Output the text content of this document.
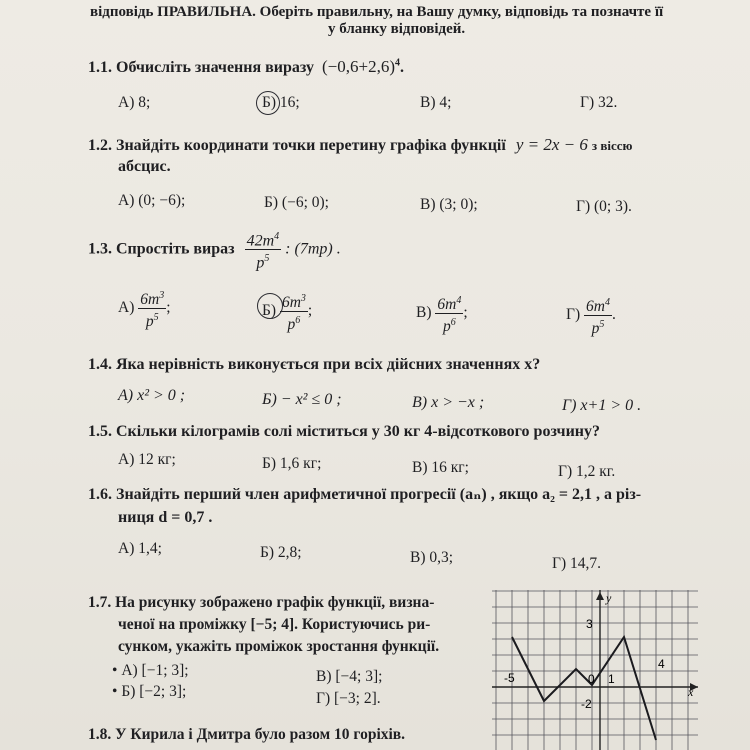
відповідь ПРАВИЛЬНА. Оберіть правильну, на Вашу думку, відповідь та позначте її
у бланку відповідей.
1.1. Обчисліть значення виразу $(-0,6+2,6)^4$.
А) 8;	Б) 16;	В) 4;	Г) 32.
1.2. Знайдіть координати точки перетину графіка функції y = 2x − 6 з віссю
абсцис.
А) (0; −6);	Б) (−6; 0);	В) (3; 0);	Г) (0; 3).
1.3. Спростіть вираз $\frac{42m^4}{p^5}$ : (7mp) .
$А) \frac{6m^3}{p^5}$ ;	$Б) \frac{6m^3}{p^6}$ ;	$В) \frac{6m^4}{p^6}$ ;	$Г) \frac{6m^4}{p^5}$ .
1.4. Яка нерівність виконується при всіх дійсних значеннях x?
А) x² > 0 ;	Б) − x² ≤ 0 ;	В) x > −x ;	Г) x+1 > 0 .
1.5. Скільки кілограмів солі міститься у 30 кг 4-відсоткового розчину?
А) 12 кг;	Б) 1,6 кг;	В) 16 кг;	Г) 1,2 кг.
1.6. Знайдіть перший член арифметичної прогресії (aₙ) , якщо a₂ = 2,1 , а різ-
ниця d = 0,7 .
А) 1,4;	Б) 2,8;	В) 0,3;	Г) 14,7.
1.7. На рисунку зображено графік функції, визна-
ченої на проміжку [−5; 4]. Користуючись ри-
сунком, укажіть проміжок зростання функції.
• А) [−1; 3];
• Б) [−2; 3];
В) [−4; 3];
Г) [−3; 2].	x
y
3
-5	0 1
4
-2
1.8. У Кирила і Дмитра було разом 10 горіхів.
